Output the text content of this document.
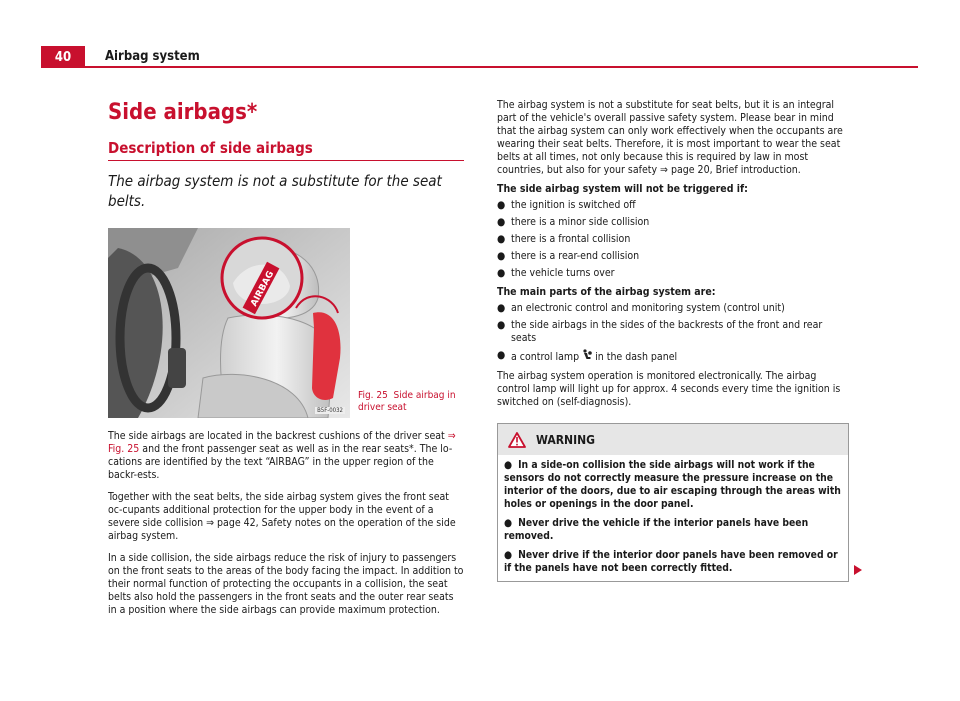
40	Airbag system
Side airbags*
Description of side airbags
The airbag system is not a substitute for the seat belts.
AIRBAG
B5F-0032
Fig. 25 Side airbag in driver seat

The side airbags are located in the backrest cushions of the driver seat ⇒ Fig. 25 and the front passenger seat as well as in the rear seats*. The lo-cations are identified by the text “AIRBAG” in the upper region of the backr-ests.

Together with the seat belts, the side airbag system gives the front seat oc-cupants additional protection for the upper body in the event of a severe side collision ⇒ page 42, Safety notes on the operation of the side airbag system.

In a side collision, the side airbags reduce the risk of injury to passengers on the front seats to the areas of the body facing the impact. In addition to their normal function of protecting the occupants in a collision, the seat belts also hold the passengers in the front seats and the outer rear seats in a position where the side airbags can provide maximum protection.

The airbag system is not a substitute for seat belts, but it is an integral part of the vehicle's overall passive safety system. Please bear in mind that the airbag system can only work effectively when the occupants are wearing their seat belts. Therefore, it is most important to wear the seat belts at all times, not only because this is required by law in most countries, but also for your safety ⇒ page 20, Brief introduction.

The side airbag system will not be triggered if:

● the ignition is switched off
● there is a minor side collision
● there is a frontal collision
● there is a rear-end collision
● the vehicle turns over

The main parts of the airbag system are:

● an electronic control and monitoring system (control unit)
● the side airbags in the sides of the backrests of the front and rear seats
● a control lamp  in the dash panel

The airbag system operation is monitored electronically. The airbag control lamp will light up for approx. 4 seconds every time the ignition is switched on (self-diagnosis).

WARNING
● In a side-on collision the side airbags will not work if the sensors do not correctly measure the pressure increase on the interior of the doors, due to air escaping through the areas with holes or openings in the door panel.
● Never drive the vehicle if the interior panels have been removed.
● Never drive if the interior door panels have been removed or if the panels have not been correctly fitted.
